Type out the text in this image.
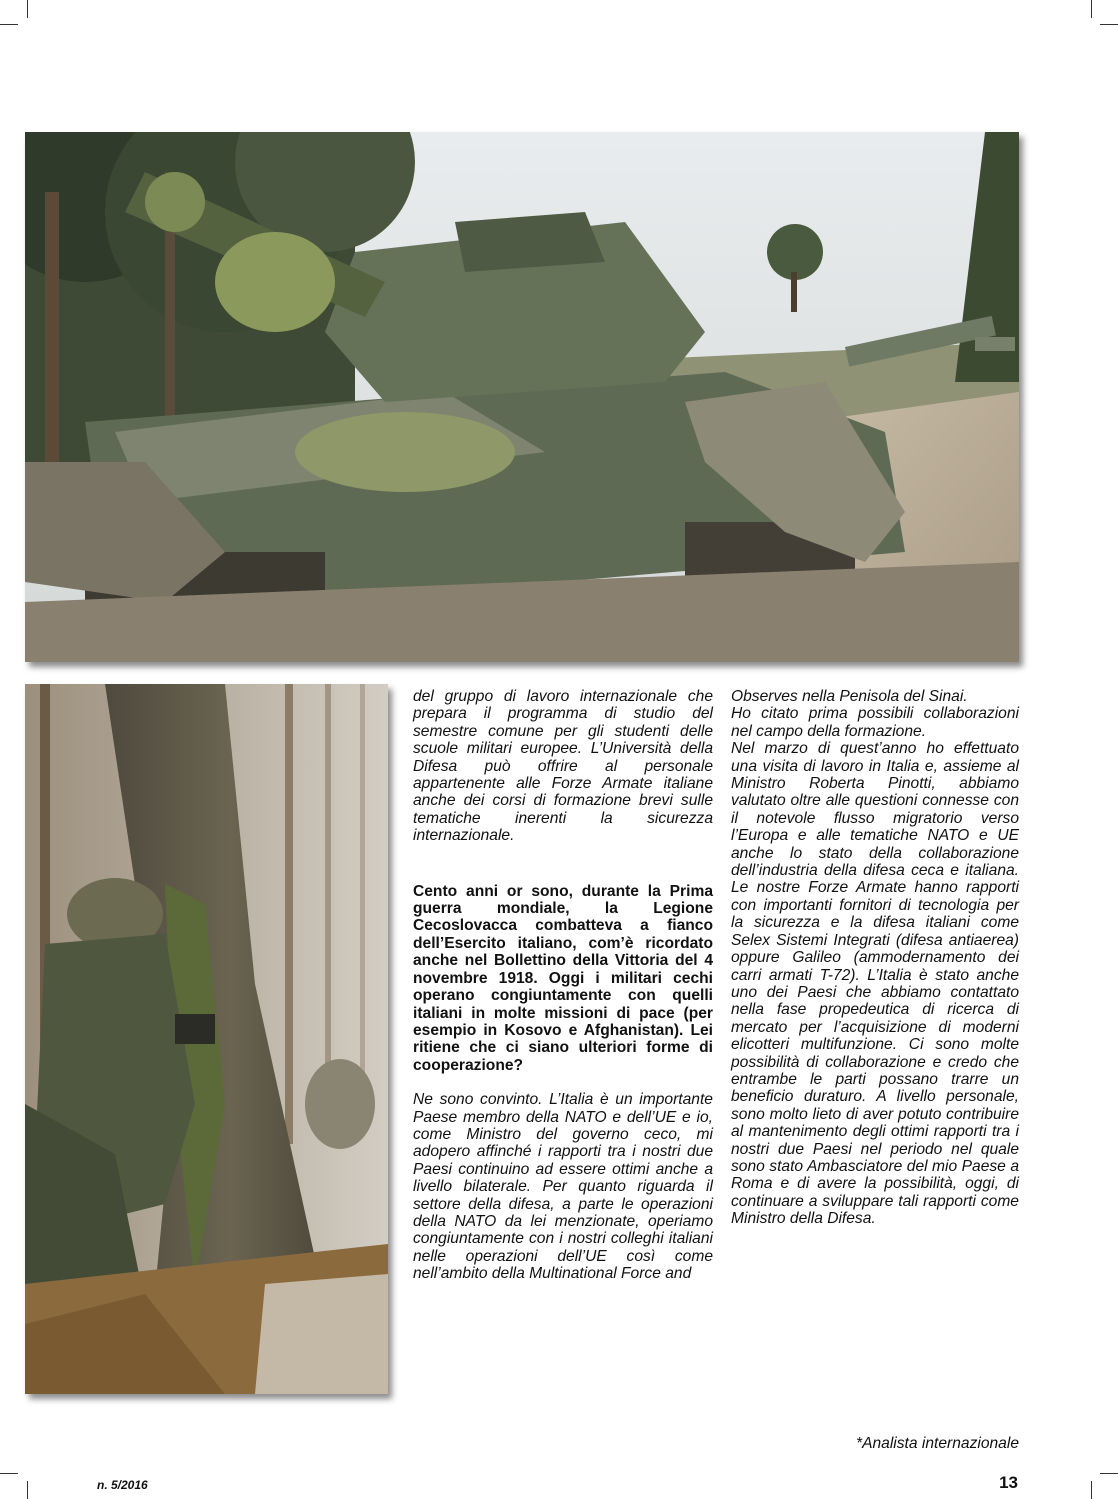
del gruppo di lavoro internazionale che prepara il programma di studio del semestre comune per gli studenti delle scuole militari europee. L’Università della Difesa può offrire al personale appartenente alle Forze Armate italiane anche dei corsi di formazione brevi sulle tematiche inerenti la sicurezza internazionale.

Cento anni or sono, durante la Prima guerra mondiale, la Legione Cecoslovacca combatteva a fianco dell’Esercito italiano, com’è ricordato anche nel Bollettino della Vittoria del 4 novembre 1918. Oggi i militari cechi operano congiuntamente con quelli italiani in molte missioni di pace (per esempio in Kosovo e Afghanistan). Lei ritiene che ci siano ulteriori forme di cooperazione?

Ne sono convinto. L’Italia è un importante Paese membro della NATO e dell’UE e io, come Ministro del governo ceco, mi adopero affinché i rapporti tra i nostri due Paesi continuino ad essere ottimi anche a livello bilaterale. Per quanto riguarda il settore della difesa, a parte le operazioni della NATO da lei menzionate, operiamo congiuntamente con i nostri colleghi italiani nelle operazioni dell’UE così come nell’ambito della Multinational Force and

Observes nella Penisola del Sinai.

Ho citato prima possibili collaborazioni nel campo della formazione.

Nel marzo di quest’anno ho effettuato una visita di lavoro in Italia e, assieme al Ministro Roberta Pinotti, abbiamo valutato oltre alle questioni connesse con il notevole flusso migratorio verso l’Europa e alle tematiche NATO e UE anche lo stato della collaborazione dell’industria della difesa ceca e italiana. Le nostre Forze Armate hanno rapporti con importanti fornitori di tecnologia per la sicurezza e la difesa italiani come Selex Sistemi Integrati (difesa antiaerea) oppure Galileo (ammodernamento dei carri armati T-72). L’Italia è stato anche uno dei Paesi che abbiamo contattato nella fase propedeutica di ricerca di mercato per l’acquisizione di moderni elicotteri multifunzione. Ci sono molte possibilità di collaborazione e credo che entrambe le parti possano trarre un beneficio duraturo. A livello personale, sono molto lieto di aver potuto contribuire al mantenimento degli ottimi rapporti tra i nostri due Paesi nel periodo nel quale sono stato Ambasciatore del mio Paese a Roma e di avere la possibilità, oggi, di continuare a sviluppare tali rapporti come Ministro della Difesa.

*Analista internazionale
n. 5/2016	13
